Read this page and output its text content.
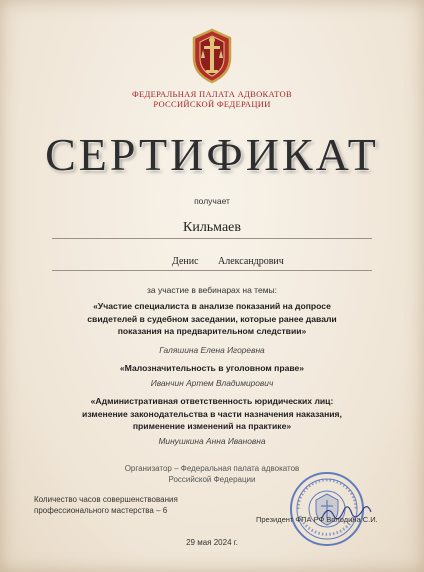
ФЕДЕРАЛЬНАЯ ПАЛАТА АДВОКАТОВ
РОССИЙСКОЙ ФЕДЕРАЦИИ
СЕРТИФИКАТ
получает
Кильмаев
Денис Александрович
за участие в вебинарах на темы:
«Участие специалиста в анализе показаний на допросе
свидетелей в судебном заседании, которые ранее давали
показания на предварительном следствии»
Галяшина Елена Игоревна
«Малозначительность в уголовном праве»
Иванчин Артем Владимирович
«Административная ответственность юридических лиц:
изменение законодательства в части назначения наказания,
применение изменений на практике»
Минушкина Анна Ивановна
Организатор – Федеральная палата адвокатов
Российской Федерации
Количество часов совершенствования
профессионального мастерства – 6
Президент ФПА РФ Володина С.И.
29 мая 2024 г.
